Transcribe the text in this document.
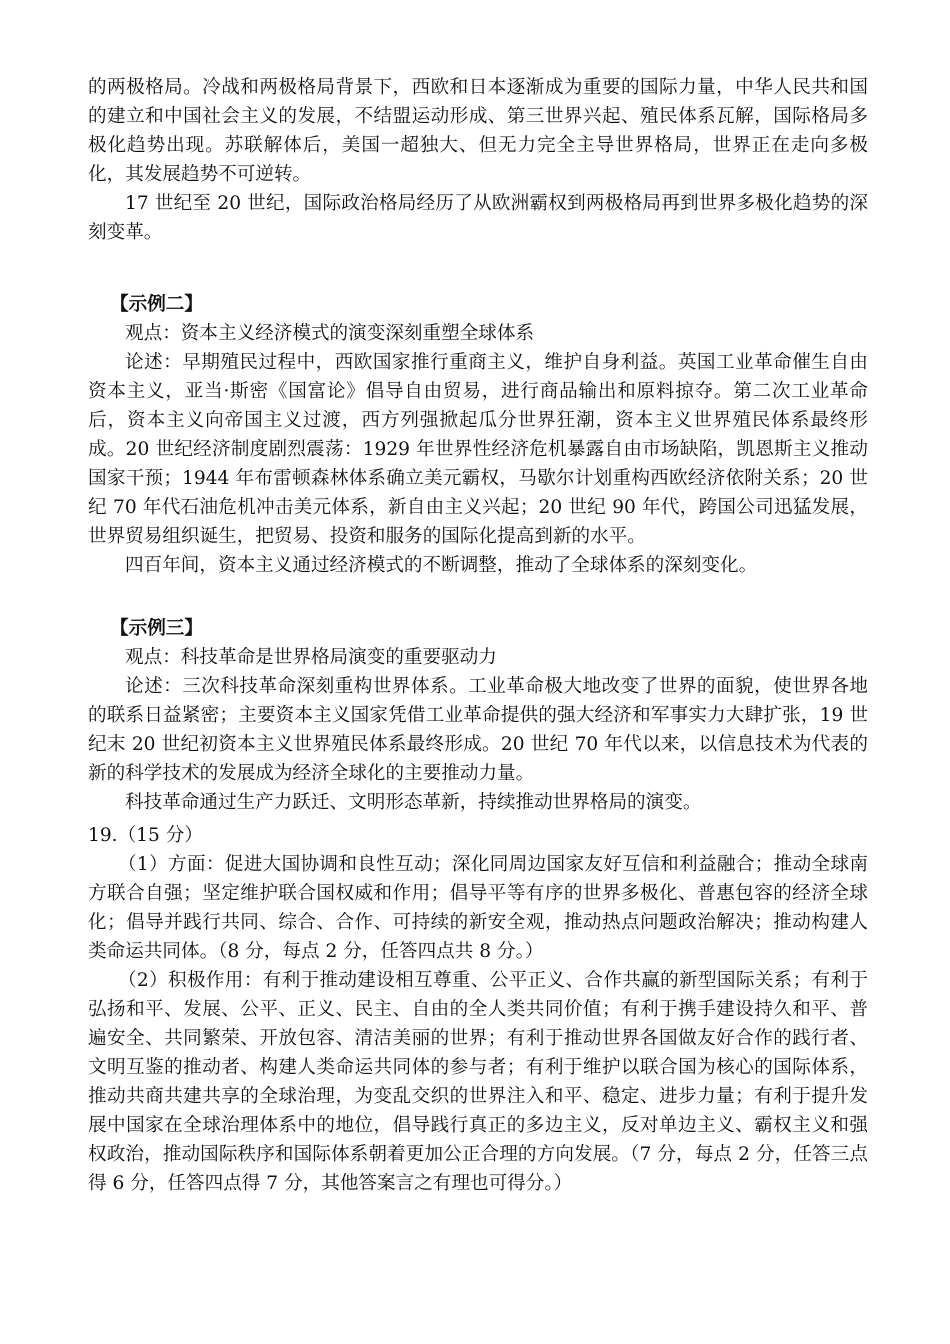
的两极格局。冷战和两极格局背景下，西欧和日本逐渐成为重要的国际力量，中华人民共和国的建立和中国社会主义的发展，不结盟运动形成、第三世界兴起、殖民体系瓦解，国际格局多极化趋势出现。苏联解体后，美国一超独大、但无力完全主导世界格局，世界正在走向多极化，其发展趋势不可逆转。

17 世纪至 20 世纪，国际政治格局经历了从欧洲霸权到两极格局再到世界多极化趋势的深刻变革。

【示例二】

观点：资本主义经济模式的演变深刻重塑全球体系

论述：早期殖民过程中，西欧国家推行重商主义，维护自身利益。英国工业革命催生自由资本主义，亚当·斯密《国富论》倡导自由贸易，进行商品输出和原料掠夺。第二次工业革命后，资本主义向帝国主义过渡，西方列强掀起瓜分世界狂潮，资本主义世界殖民体系最终形成。20 世纪经济制度剧烈震荡：1929 年世界性经济危机暴露自由市场缺陷，凯恩斯主义推动国家干预；1944 年布雷顿森林体系确立美元霸权，马歇尔计划重构西欧经济依附关系；20 世纪 70 年代石油危机冲击美元体系，新自由主义兴起；20 世纪 90 年代，跨国公司迅猛发展，世界贸易组织诞生，把贸易、投资和服务的国际化提高到新的水平。

四百年间，资本主义通过经济模式的不断调整，推动了全球体系的深刻变化。

【示例三】

观点：科技革命是世界格局演变的重要驱动力

论述：三次科技革命深刻重构世界体系。工业革命极大地改变了世界的面貌，使世界各地的联系日益紧密；主要资本主义国家凭借工业革命提供的强大经济和军事实力大肆扩张，19 世纪末 20 世纪初资本主义世界殖民体系最终形成。20 世纪 70 年代以来，以信息技术为代表的新的科学技术的发展成为经济全球化的主要推动力量。

科技革命通过生产力跃迁、文明形态革新，持续推动世界格局的演变。

19.（15 分）

（1）方面：促进大国协调和良性互动；深化同周边国家友好互信和利益融合；推动全球南方联合自强；坚定维护联合国权威和作用；倡导平等有序的世界多极化、普惠包容的经济全球化；倡导并践行共同、综合、合作、可持续的新安全观，推动热点问题政治解决；推动构建人类命运共同体。（8 分，每点 2 分，任答四点共 8 分。）

（2）积极作用：有利于推动建设相互尊重、公平正义、合作共赢的新型国际关系；有利于弘扬和平、发展、公平、正义、民主、自由的全人类共同价值；有利于携手建设持久和平、普遍安全、共同繁荣、开放包容、清洁美丽的世界；有利于推动世界各国做友好合作的践行者、文明互鉴的推动者、构建人类命运共同体的参与者；有利于维护以联合国为核心的国际体系，推动共商共建共享的全球治理，为变乱交织的世界注入和平、稳定、进步力量；有利于提升发展中国家在全球治理体系中的地位，倡导践行真正的多边主义，反对单边主义、霸权主义和强权政治，推动国际秩序和国际体系朝着更加公正合理的方向发展。（7 分，每点 2 分，任答三点得 6 分，任答四点得 7 分，其他答案言之有理也可得分。）
